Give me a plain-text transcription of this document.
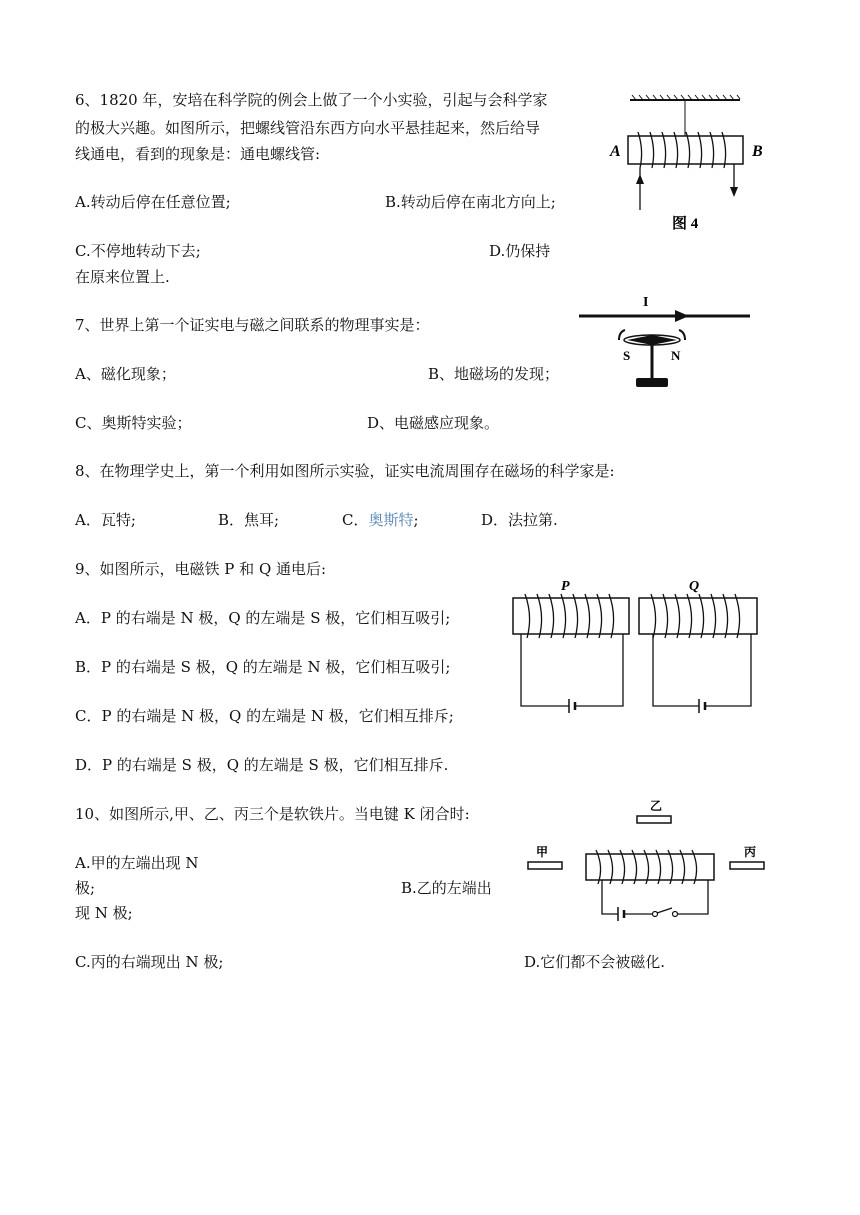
6、1820 年，安培在科学院的例会上做了一个小实验，引起与会科学家
的极大兴趣。如图所示，把螺线管沿东西方向水平悬挂起来，然后给导
线通电，看到的现象是：通电螺线管:
A.转动后停在任意位置;	B.转动后停在南北方向上;
C.不停地转动下去;	D.仍保持
在原来位置上.
A	B
图 4
7、世界上第一个证实电与磁之间联系的物理事实是：
A、磁化现象；	B、地磁场的发现；
C、奥斯特实验；	D、电磁感应现象。
I
S	N
8、在物理学史上，第一个利用如图所示实验，证实电流周围存在磁场的科学家是:
A．瓦特;	B．焦耳;	C．奥斯特;	D．法拉第.
9、如图所示，电磁铁 P 和 Q 通电后:
A．P 的右端是 N 极，Q 的左端是 S 极，它们相互吸引;
B．P 的右端是 S 极，Q 的左端是 N 极，它们相互吸引;
C．P 的右端是 N 极，Q 的左端是 N 极，它们相互排斥;
D．P 的右端是 S 极，Q 的左端是 S 极，它们相互排斥.
P	Q
10、如图所示,甲、乙、丙三个是软铁片。当电键 K 闭合时:
A.甲的左端出现 N
极;	B.乙的左端出
现 N 极;
C.丙的右端现出 N 极;	D.它们都不会被磁化.
乙
甲	丙
